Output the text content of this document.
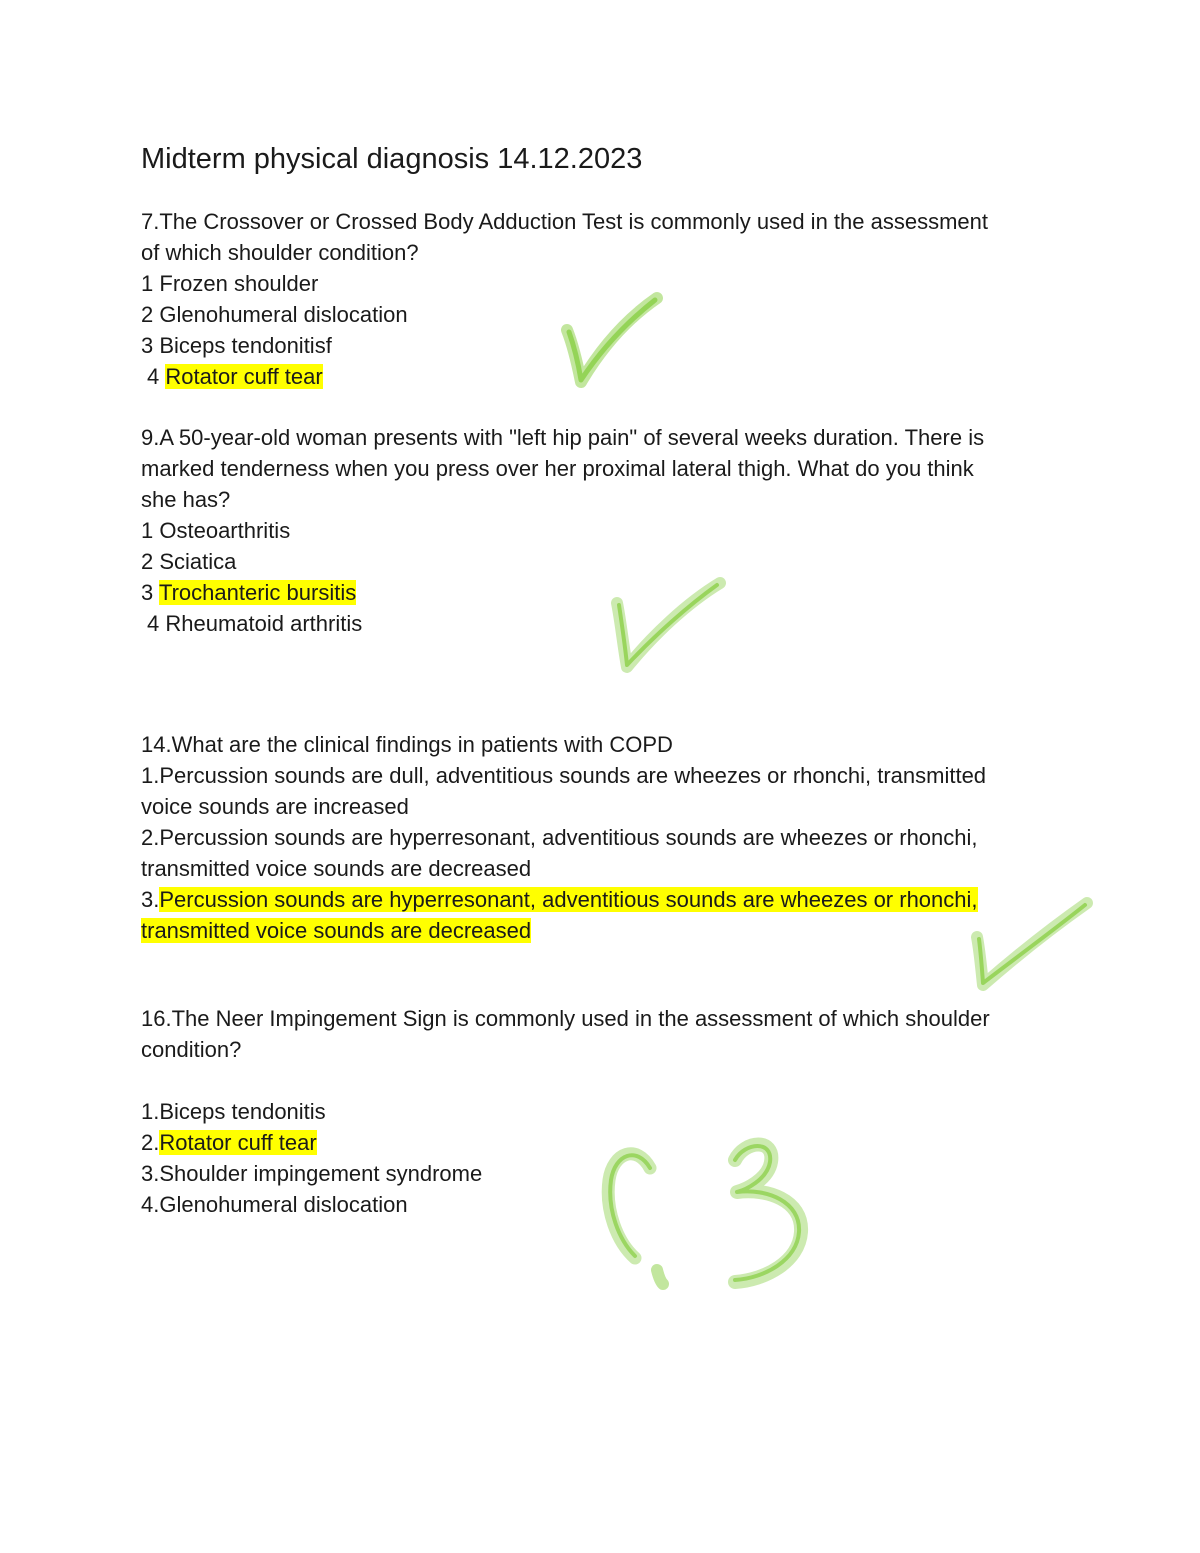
Midterm physical diagnosis 14.12.2023

7.The Crossover or Crossed Body Adduction Test is commonly used in the assessment

of which shoulder condition?

1 Frozen shoulder

2 Glenohumeral dislocation

3 Biceps tendonitisf

4 Rotator cuff tear

9.A 50-year-old woman presents with "left hip pain" of several weeks duration. There is

marked tenderness when you press over her proximal lateral thigh. What do you think

she has?

1 Osteoarthritis

2 Sciatica

3 Trochanteric bursitis

4 Rheumatoid arthritis

14.What are the clinical findings in patients with COPD

1.Percussion sounds are dull, adventitious sounds are wheezes or rhonchi, transmitted

voice sounds are increased

2.Percussion sounds are hyperresonant, adventitious sounds are wheezes or rhonchi,

transmitted voice sounds are decreased

3.Percussion sounds are hyperresonant, adventitious sounds are wheezes or rhonchi,

transmitted voice sounds are decreased

16.The Neer Impingement Sign is commonly used in the assessment of which shoulder

condition?

1.Biceps tendonitis

2.Rotator cuff tear

3.Shoulder impingement syndrome

4.Glenohumeral dislocation
